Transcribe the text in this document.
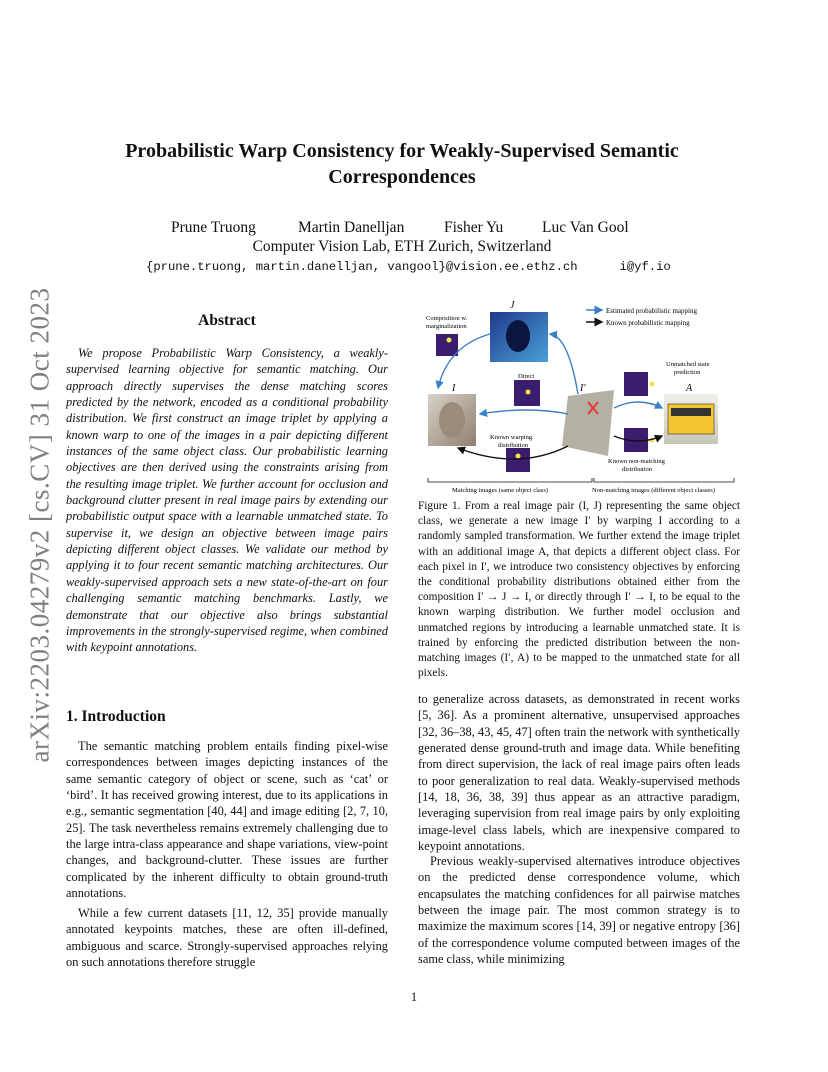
arXiv:2203.04279v2 [cs.CV] 31 Oct 2023
Probabilistic Warp Consistency for Weakly-Supervised Semantic Correspondences
Prune Truong	Martin Danelljan	Fisher Yu Luc Van Gool
Computer Vision Lab, ETH Zurich, Switzerland
{prune.truong, martin.danelljan, vangool}@vision.ee.ethz.ch	i@yf.io
Abstract

We propose Probabilistic Warp Consistency, a weakly-supervised learning objective for semantic matching. Our approach directly supervises the dense matching scores predicted by the network, encoded as a conditional probability distribution. We first construct an image triplet by applying a known warp to one of the images in a pair depicting different instances of the same object class. Our probabilistic learning objectives are then derived using the constraints arising from the resulting image triplet. We further account for occlusion and background clutter present in real image pairs by extending our probabilistic output space with a learnable unmatched state. To supervise it, we design an objective between image pairs depicting different object classes. We validate our method by applying it to four recent semantic matching architectures. Our weakly-supervised approach sets a new state-of-the-art on four challenging semantic matching benchmarks. Lastly, we demonstrate that our objective also brings substantial improvements in the strongly-supervised regime, when combined with keypoint annotations.

Estimated probabilistic mapping
Known probabilistic mapping
J
I	I'	A
Composition w.
marginalization
Direct
Unmatched state
prediction
Known warping
distribution
Known non-matching
distribution
Matching images (same object class)	Non-matching images (different object classes)

Figure 1. From a real image pair (I, J) representing the same object class, we generate a new image I′ by warping I according to a randomly sampled transformation. We further extend the image triplet with an additional image A, that depicts a different object class. For each pixel in I′, we introduce two consistency objectives by enforcing the conditional probability distributions obtained either from the composition I′ → J → I, or directly through I′ → I, to be equal to the known warping distribution. We further model occlusion and unmatched regions by introducing a learnable unmatched state. It is trained by enforcing the predicted distribution between the non-matching images (I′, A) to be mapped to the unmatched state for all pixels.

1. Introduction

The semantic matching problem entails finding pixel-wise correspondences between images depicting instances of the same semantic category of object or scene, such as ‘cat’ or ‘bird’. It has received growing interest, due to its applications in e.g., semantic segmentation [40, 44] and image editing [2, 7, 10, 25]. The task nevertheless remains extremely challenging due to the large intra-class appearance and shape variations, view-point changes, and background-clutter. These issues are further complicated by the inherent difficulty to obtain ground-truth annotations.

While a few current datasets [11, 12, 35] provide manually annotated keypoints matches, these are often ill-defined, ambiguous and scarce. Strongly-supervised approaches relying on such annotations therefore struggle

to generalize across datasets, as demonstrated in recent works [5, 36]. As a prominent alternative, unsupervised approaches [32, 36–38, 43, 45, 47] often train the network with synthetically generated dense ground-truth and image data. While benefiting from direct supervision, the lack of real image pairs often leads to poor generalization to real data. Weakly-supervised methods [14, 18, 36, 38, 39] thus appear as an attractive paradigm, leveraging supervision from real image pairs by only exploiting image-level class labels, which are inexpensive compared to keypoint annotations.

Previous weakly-supervised alternatives introduce objectives on the predicted dense correspondence volume, which encapsulates the matching confidences for all pairwise matches between the image pair. The most common strategy is to maximize the maximum scores [14, 39] or negative entropy [36] of the correspondence volume computed between images of the same class, while minimizing

1
